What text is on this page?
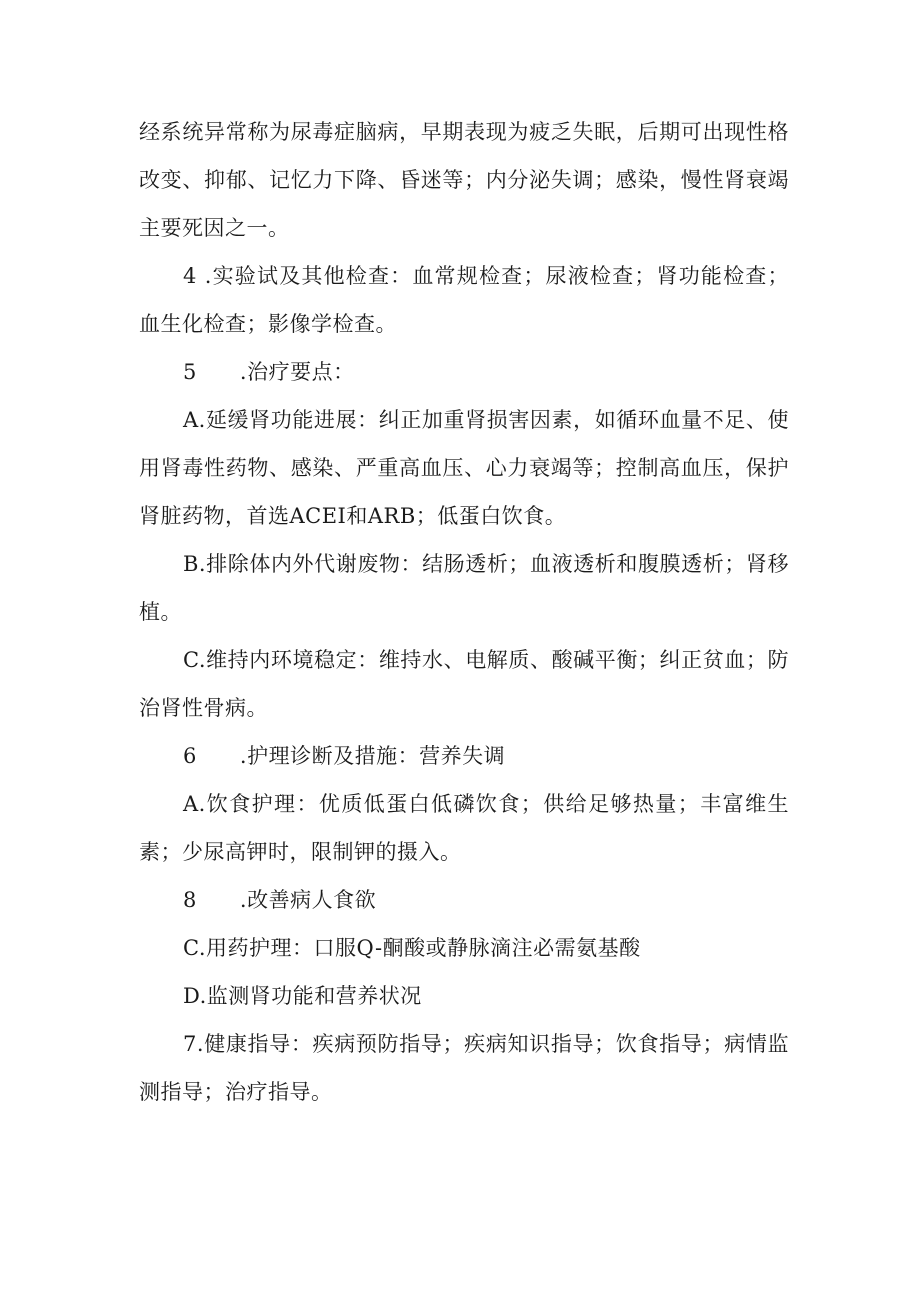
经系统异常称为尿毒症脑病，早期表现为疲乏失眠，后期可出现性格改变、抑郁、记忆力下降、昏迷等；内分泌失调；感染，慢性肾衰竭主要死因之一。

4 .实验试及其他检查：血常规检查；尿液检查；肾功能检查；血生化检查；影像学检查。

5      .治疗要点：

A.延缓肾功能进展：纠正加重肾损害因素，如循环血量不足、使用肾毒性药物、感染、严重高血压、心力衰竭等；控制高血压，保护肾脏药物，首选ACEI和ARB；低蛋白饮食。

B.排除体内外代谢废物：结肠透析；血液透析和腹膜透析；肾移植。

C.维持内环境稳定：维持水、电解质、酸碱平衡；纠正贫血；防治肾性骨病。

6      .护理诊断及措施：营养失调

A.饮食护理：优质低蛋白低磷饮食；供给足够热量；丰富维生素；少尿高钾时，限制钾的摄入。

8      .改善病人食欲

C.用药护理：口服Q-酮酸或静脉滴注必需氨基酸

D.监测肾功能和营养状况

7.健康指导：疾病预防指导；疾病知识指导；饮食指导；病情监测指导；治疗指导。
